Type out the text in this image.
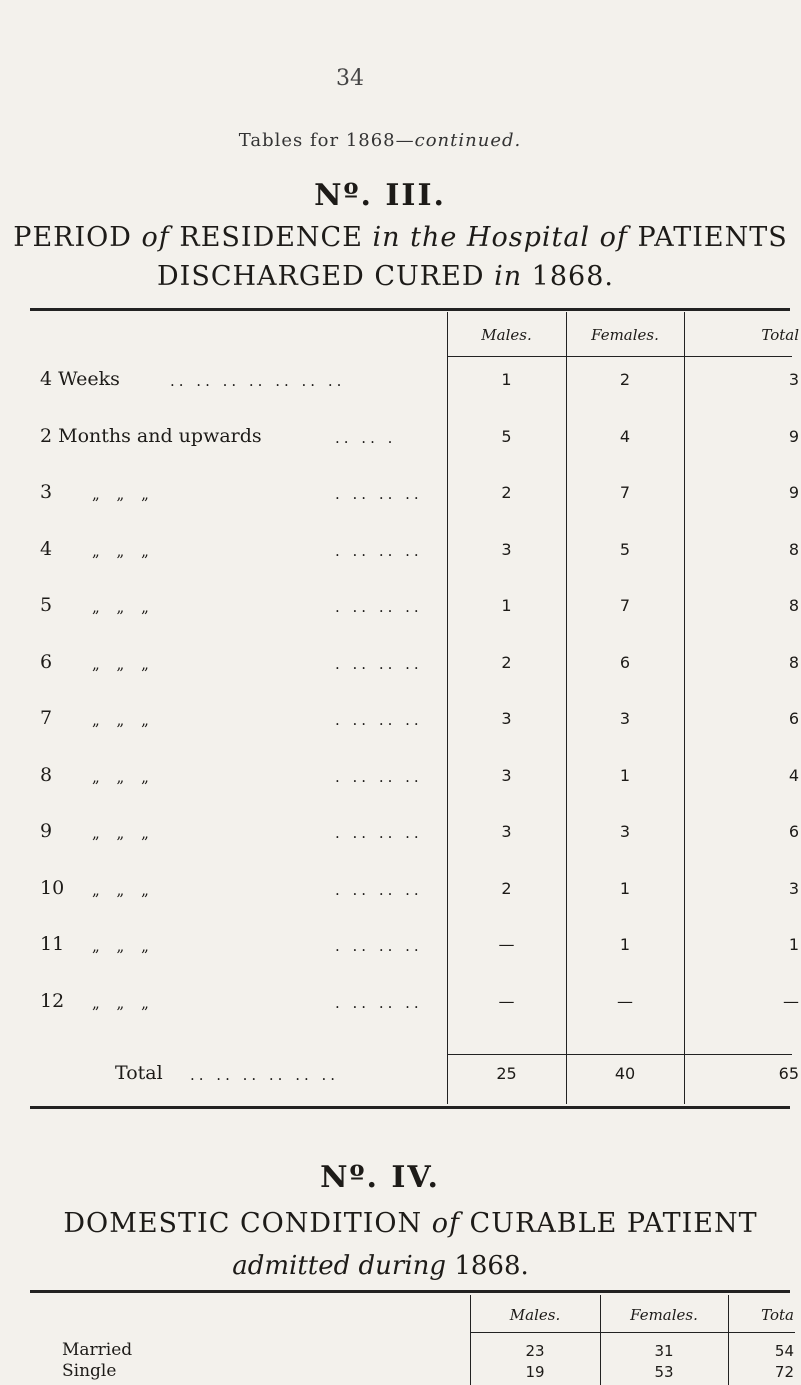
34
Tables for 1868—continued.
Nº. III.
PERIOD of RESIDENCE in the Hospital of PATIENTS
DISCHARGED CURED in 1868.
Males.	Females.	Total
4 Weeks	.. .. .. .. .. .. ..	1	2	3
2 Months and upwards	.. .. .	5	4	9
3	„ „ „	. .. .. ..	2	7	9
4	„ „ „	. .. .. ..	3	5	8
5	„ „ „	. .. .. ..	1	7	8
6	„ „ „	. .. .. ..	2	6	8
7	„ „ „	. .. .. ..	3	3	6
8	„ „ „	. .. .. ..	3	1	4
9	„ „ „	. .. .. ..	3	3	6
10 „ „ „	. .. .. ..	2	1	3
11 „ „ „	. .. .. ..	—	1	1
12 „ „ „	. .. .. ..	—	—	—
Total .. .. .. .. .. ..	25	40	65
Nº. IV.
DOMESTIC CONDITION of CURABLE PATIENT
admitted during 1868.
Males.	Females.	Tota
Married	23	31	54
Single	19	53	72
